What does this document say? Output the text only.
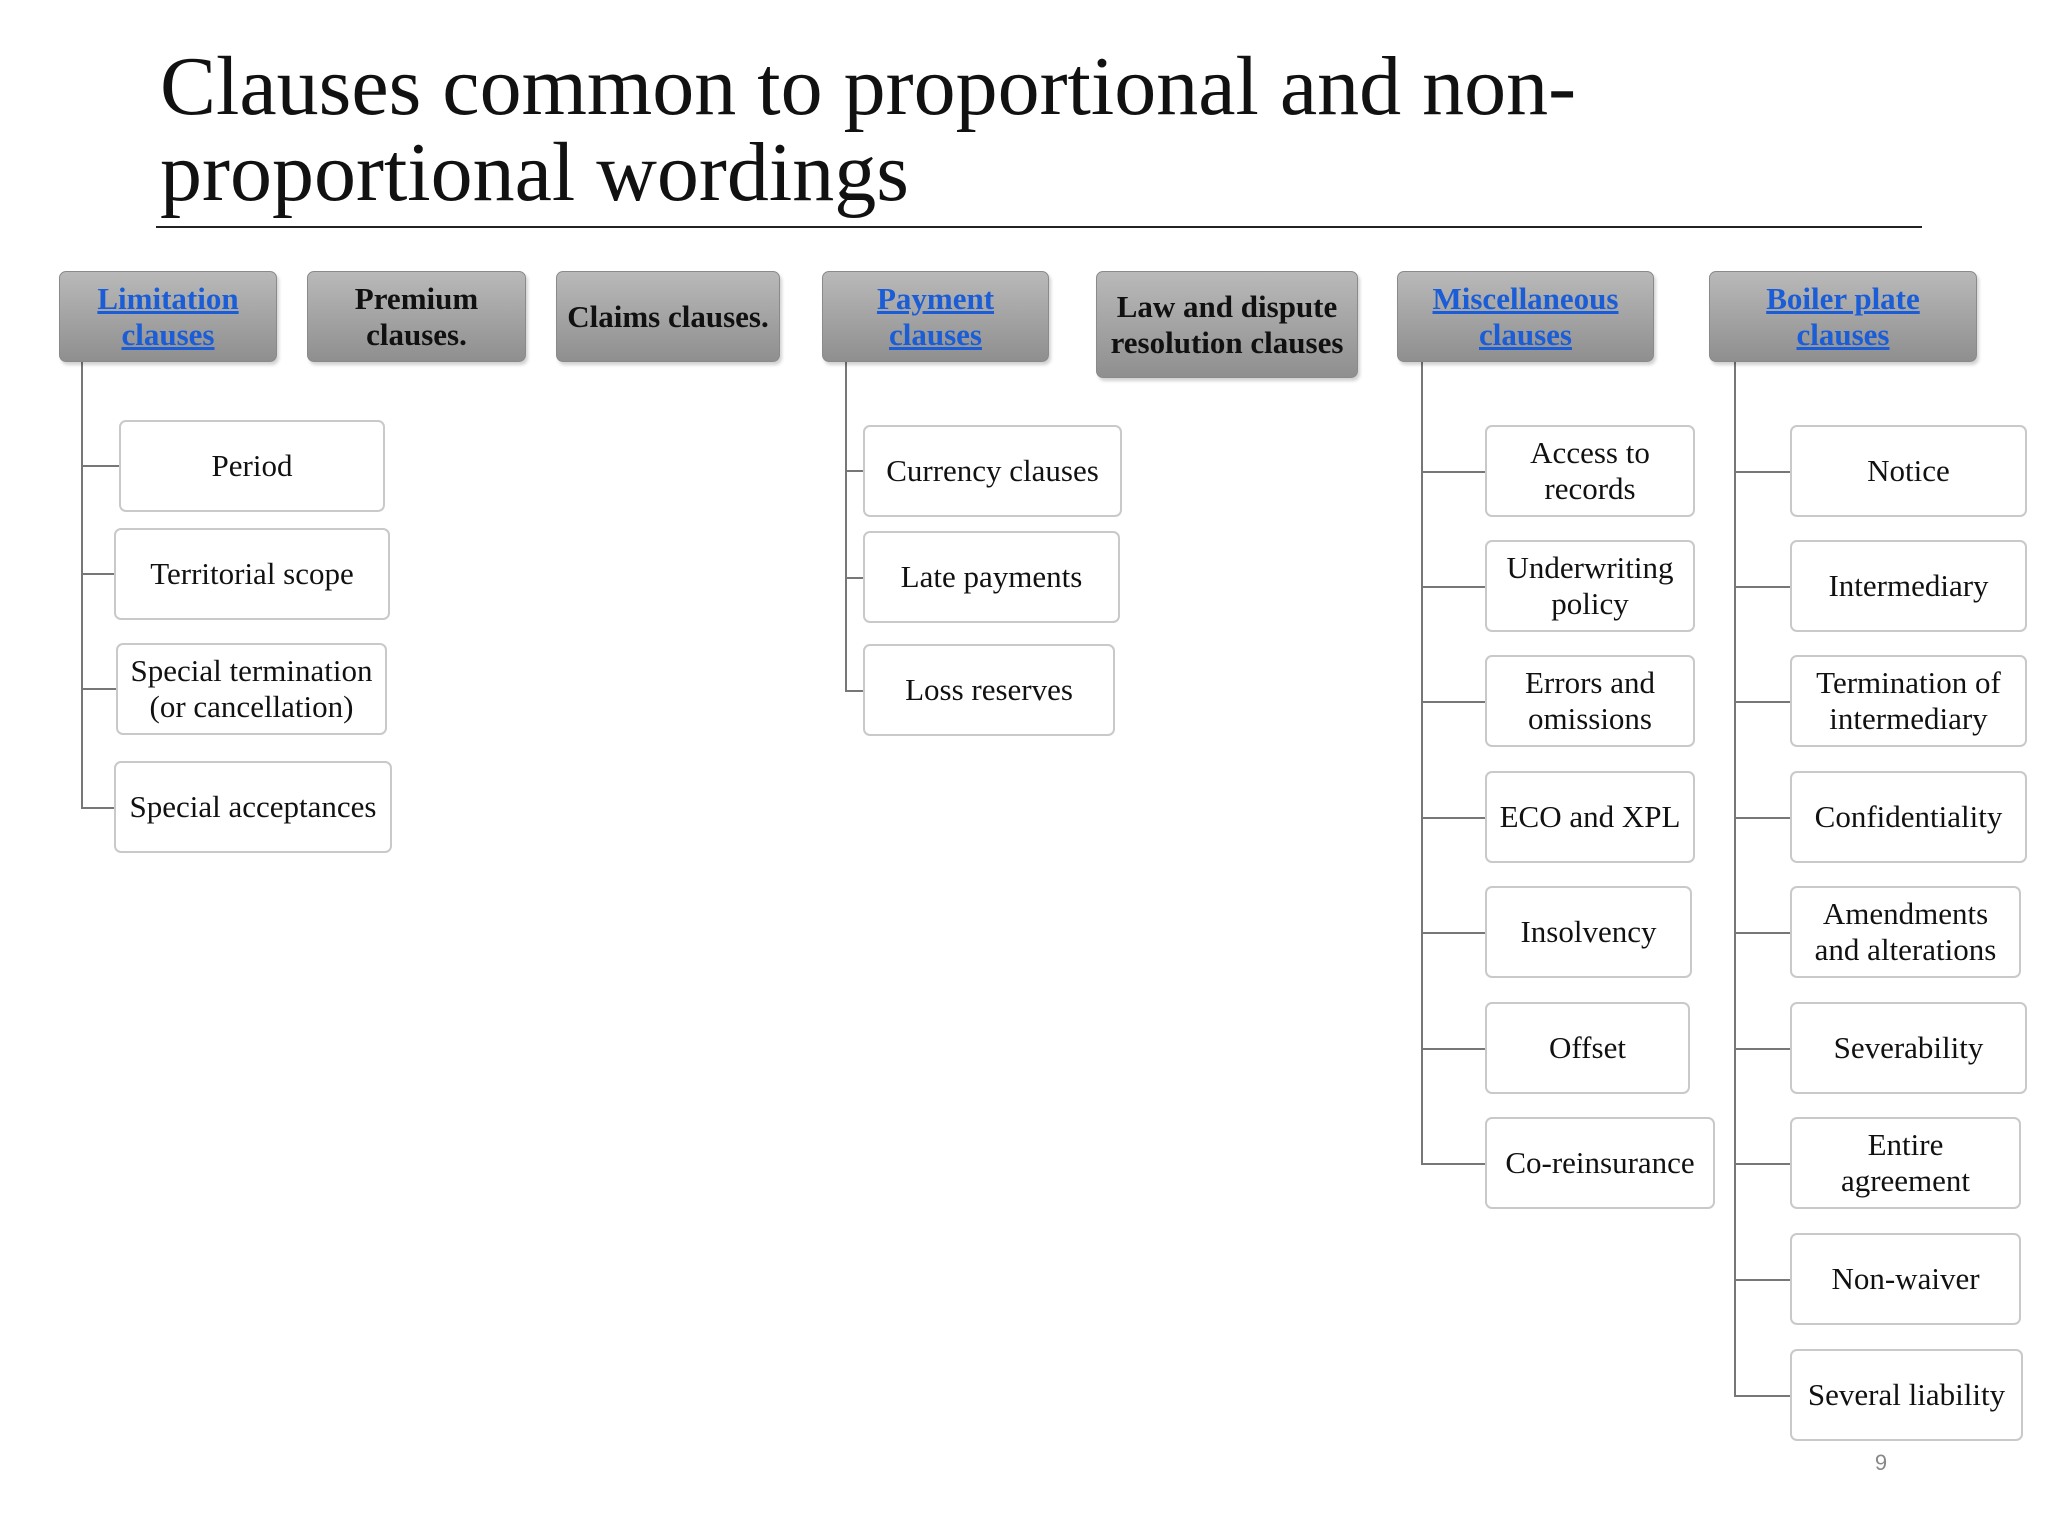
Clauses common to proportional and non-
proportional wordings
Limitation
clauses
Premium
clauses.
Claims clauses.
Payment
clauses
Law and dispute
resolution clauses
Miscellaneous
clauses
Boiler plate
clauses
Period
Territorial scope
Special termination
(or cancellation)
Special acceptances
Currency clauses
Late payments
Loss reserves
Access to
records
Underwriting
policy
Errors and
omissions
ECO and XPL
Insolvency
Offset
Co-reinsurance
Notice
Intermediary
Termination of
intermediary
Confidentiality
Amendments
and alterations
Severability
Entire
agreement
Non-waiver
Several liability
9
